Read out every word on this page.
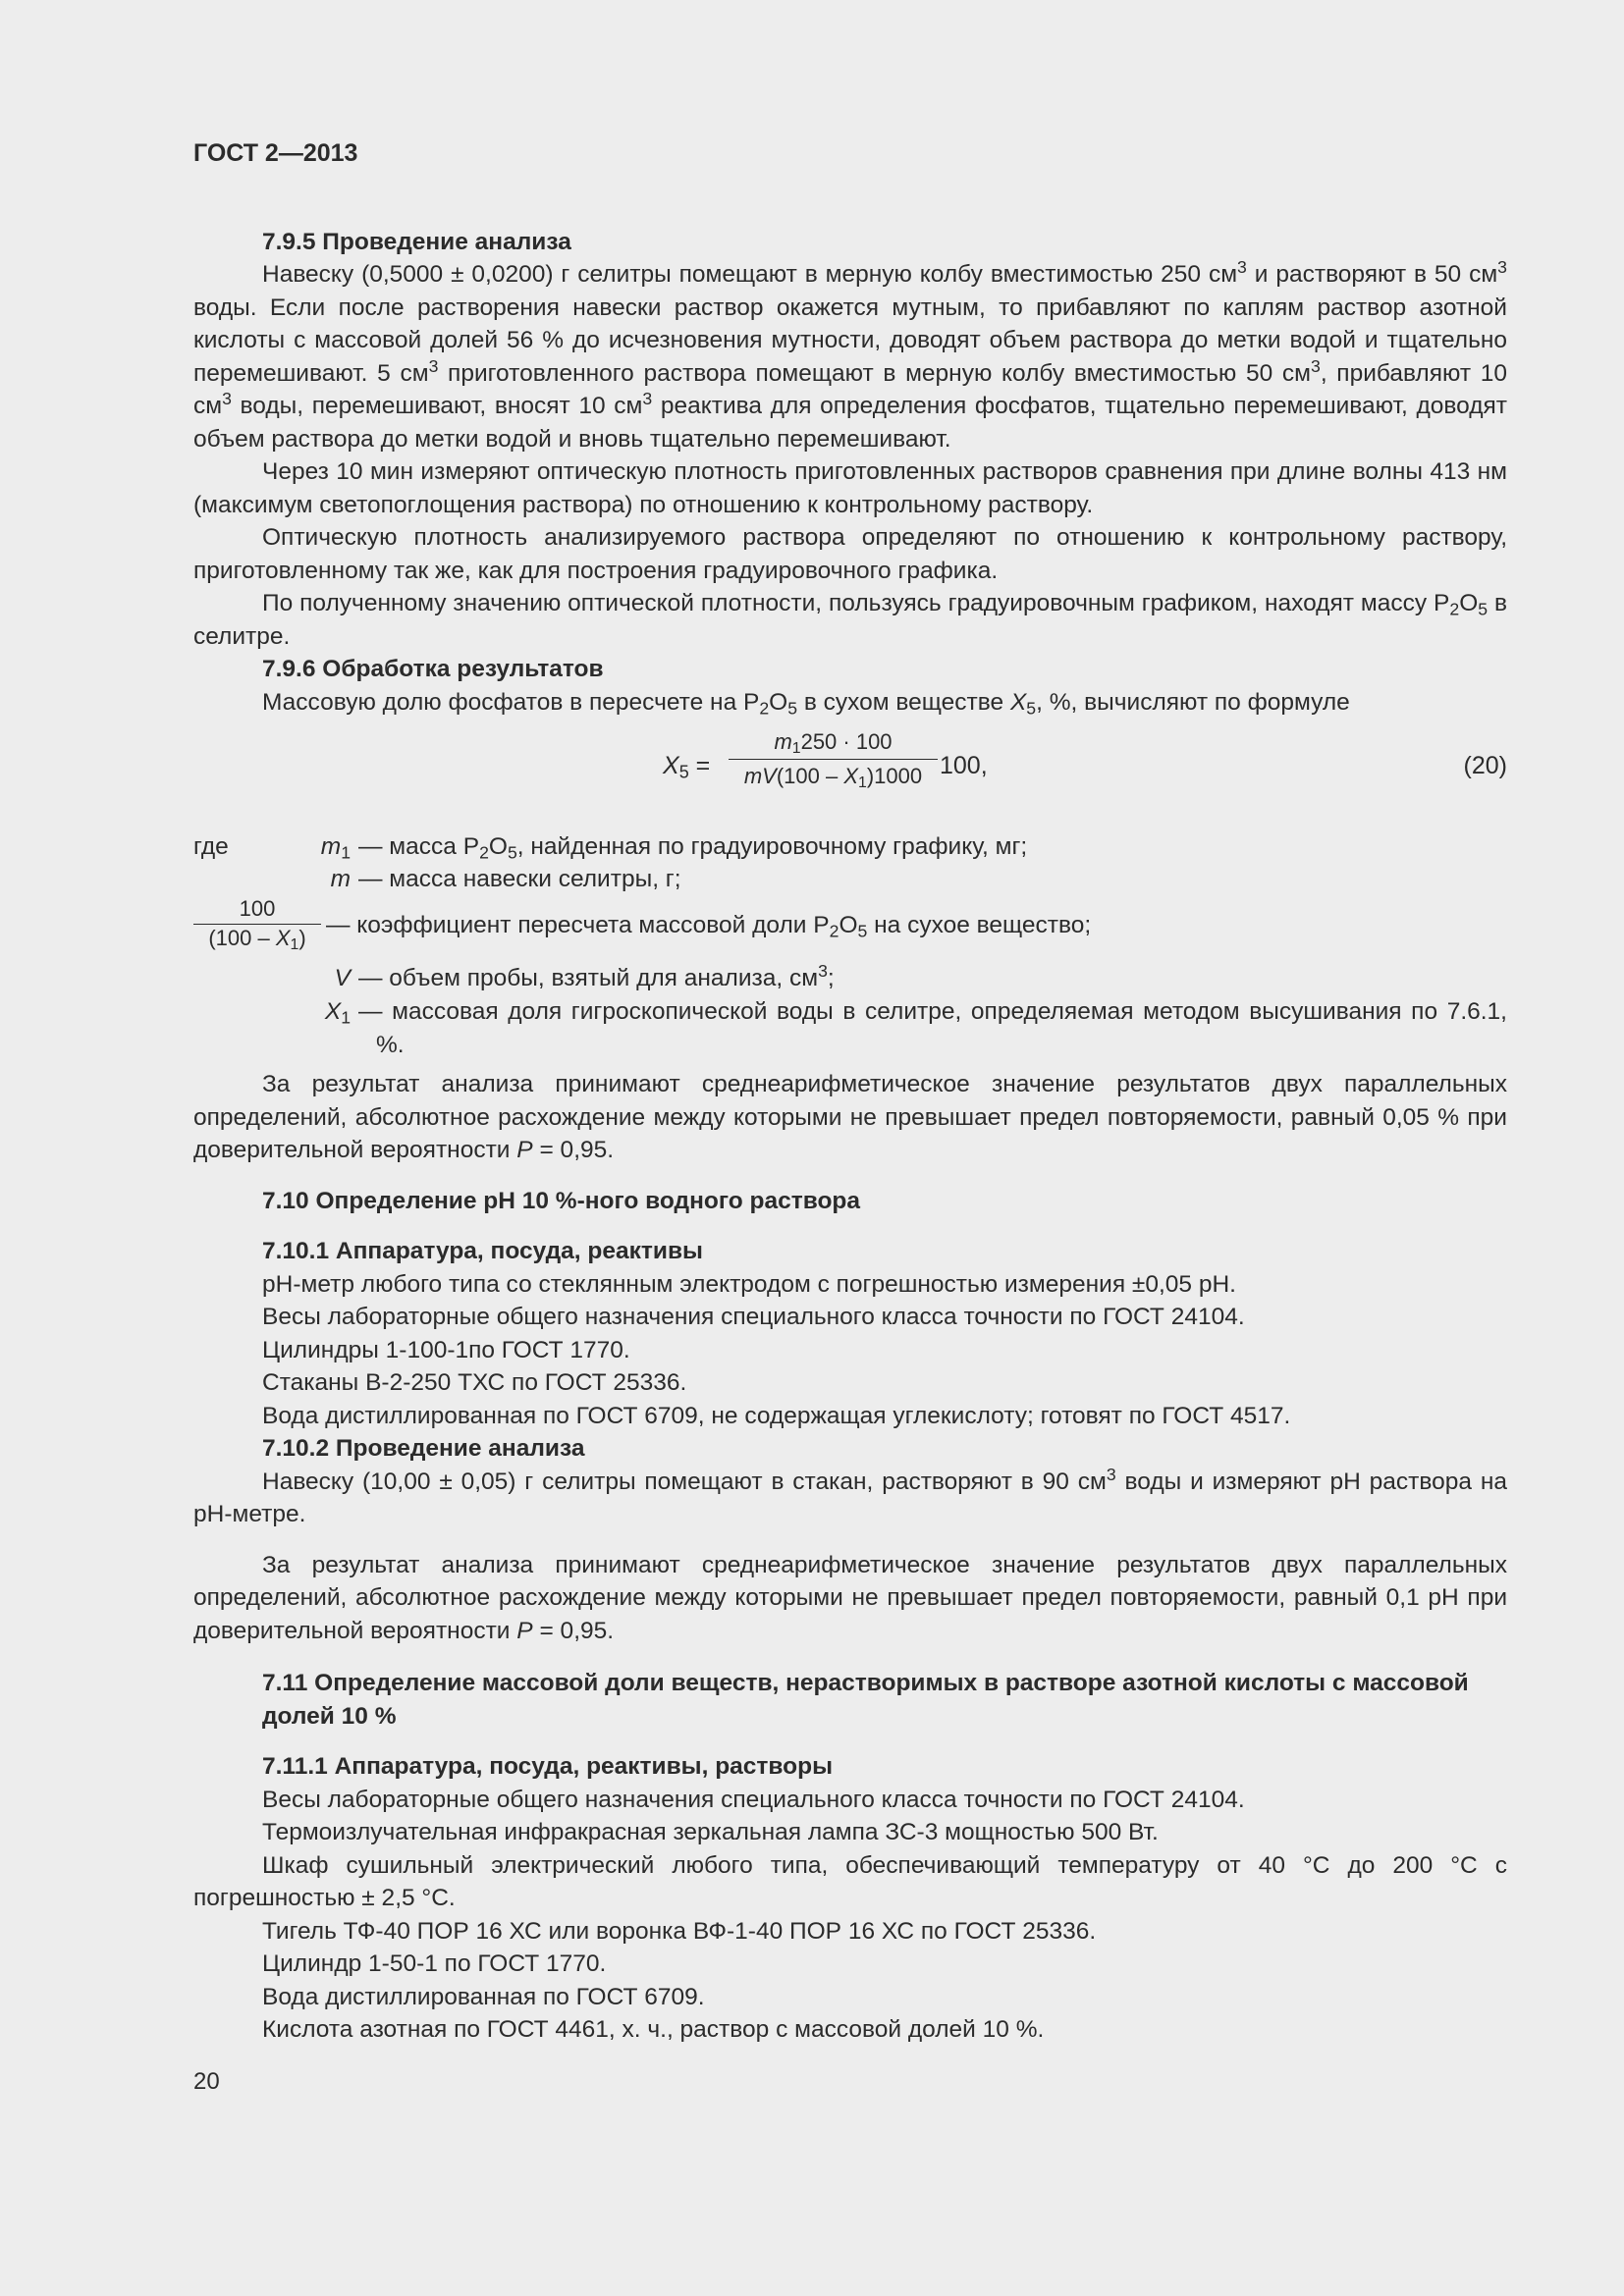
ГОСТ 2—2013
7.9.5 Проведение анализа
Навеску (0,5000 ± 0,0200) г селитры помещают в мерную колбу вместимостью 250 $см^3$ и растворяют в 50 $см^3$ воды. Если после растворения навески раствор окажется мутным, то прибавляют по каплям раствор азотной кислоты с массовой долей 56 % до исчезновения мутности, доводят объем раствора до метки водой и тщательно перемешивают. 5 $см^3$ приготовленного раствора помещают в мерную колбу вместимостью 50 $см^3$, прибавляют 10 $см^3$ воды, перемешивают, вносят 10 $см^3$ реактива для определения фосфатов, тщательно перемешивают, доводят объем раствора до метки водой и вновь тщательно перемешивают.
Через 10 мин измеряют оптическую плотность приготовленных растворов сравнения при длине волны 413 нм (максимум светопоглощения раствора) по отношению к контрольному раствору.
Оптическую плотность анализируемого раствора определяют по отношению к контрольному раствору, приготовленному так же, как для построения градуировочного графика.
По полученному значению оптической плотности, пользуясь градуировочным графиком, находят массу $P_2O_5$ в селитре.
7.9.6 Обработка результатов
Массовую долю фосфатов в пересчете на $P_2O_5$ в сухом веществе $X_5$, %, вычисляют по формуле
$X_5 = \frac{m_1250 \cdot 100}{mV(100 - X_1)1000} 100$,	(20)
где	$m_1$ — масса $P_2O_5$, найденная по градуировочному графику, мг;
m — масса навески селитры, г;
$\frac{100}{(100 - X_1)}$ — коэффициент пересчета массовой доли $P_2O_5$ на сухое вещество;
V — объем пробы, взятый для анализа, $см^3$;
$X_1$ — массовая доля гигроскопической воды в селитре, определяемая методом высушивания по 7.6.1, %.
За результат анализа принимают среднеарифметическое значение результатов двух параллельных определений, абсолютное расхождение между которыми не превышает предел повторяемости, равный 0,05 % при доверительной вероятности P = 0,95.
7.10 Определение pH 10 %-ного водного раствора
7.10.1 Аппаратура, посуда, реактивы
рН-метр любого типа со стеклянным электродом с погрешностью измерения ±0,05 рН.
Весы лабораторные общего назначения специального класса точности по ГОСТ 24104.
Цилиндры 1-100-1по ГОСТ 1770.
Стаканы В-2-250 ТХС по ГОСТ 25336.
Вода дистиллированная по ГОСТ 6709, не содержащая углекислоту; готовят по ГОСТ 4517.
7.10.2 Проведение анализа
Навеску (10,00 ± 0,05) г селитры помещают в стакан, растворяют в 90 $см^3$ воды и измеряют pH раствора на рН-метре.
За результат анализа принимают среднеарифметическое значение результатов двух параллельных определений, абсолютное расхождение между которыми не превышает предел повторяемости, равный 0,1 pH при доверительной вероятности P = 0,95.
7.11 Определение массовой доли веществ, нерастворимых в растворе азотной кислоты с массовой долей 10 %
7.11.1 Аппаратура, посуда, реактивы, растворы
Весы лабораторные общего назначения специального класса точности по ГОСТ 24104.
Термоизлучательная инфракрасная зеркальная лампа ЗС-3 мощностью 500 Вт.
Шкаф сушильный электрический любого типа, обеспечивающий температуру от 40 °С до 200 °С с погрешностью ± 2,5 °С.
Тигель ТФ-40 ПОР 16 ХС или воронка ВФ-1-40 ПОР 16 ХС по ГОСТ 25336.
Цилиндр 1-50-1 по ГОСТ 1770.
Вода дистиллированная по ГОСТ 6709.
Кислота азотная по ГОСТ 4461, х. ч., раствор с массовой долей 10 %.
20
